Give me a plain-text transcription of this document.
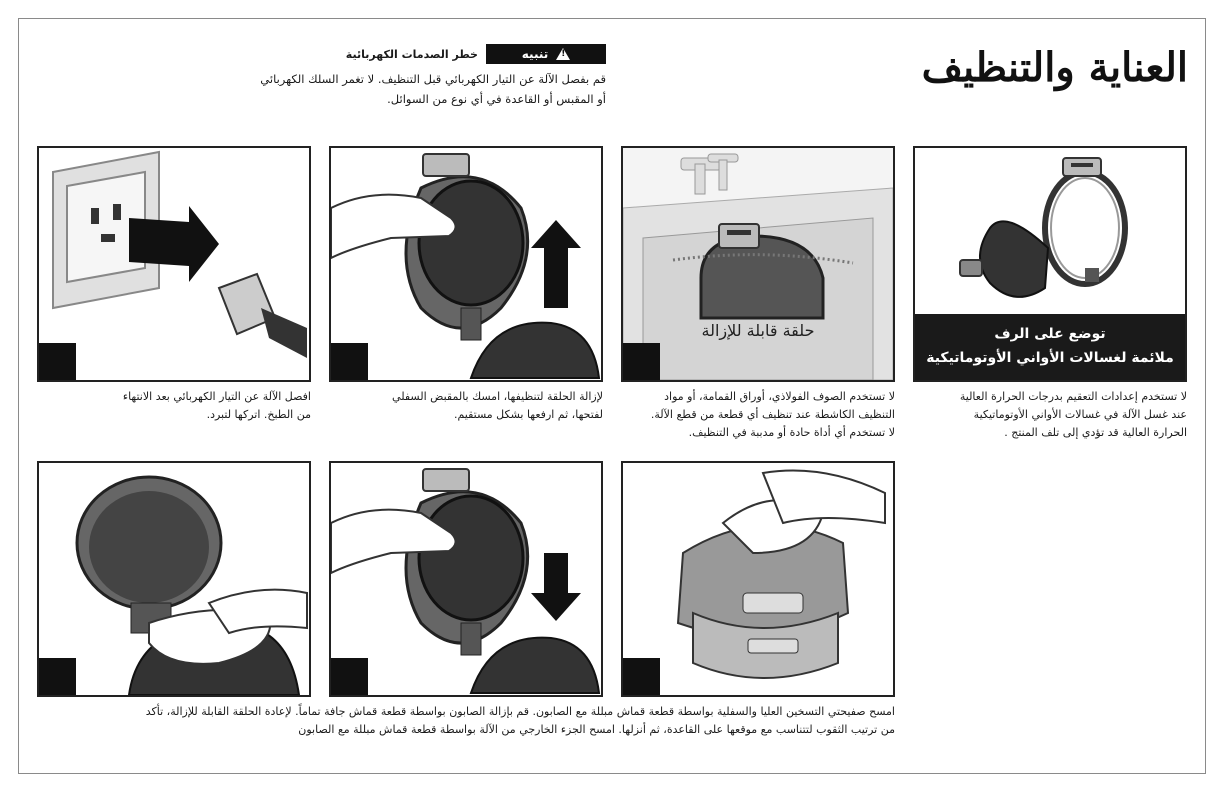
العناية والتنظيف
!
تنبيه
خطر الصدمات الكهربائية
قم بفصل الآلة عن التيار الكهربائي قبل التنظيف. لا تغمر السلك الكهربائي
أو المقبس أو القاعدة في أي نوع من السوائل.
توضع على الرف
ملائمة لغسالات الأواني الأوتوماتيكية
لا تستخدم إعدادات التعقيم بدرجات الحرارة العالية
عند غسل الآلة في غسالات الأواني الأوتوماتيكية
الحرارة العالية قد تؤدي إلى تلف المنتج .
حلقة قابلة للإزالة
لا تستخدم الصوف الفولاذي، أوراق القمامة، أو مواد
التنظيف الكاشطة عند تنظيف أي قطعة من قطع الآلة.
لا تستخدم أي أداة حادة أو مدببة في التنظيف.
لإزالة الحلقة لتنظيفها، امسك بالمقبض السفلي
لفتحها، ثم ارفعها بشكل مستقيم.
افصل الآلة عن التيار الكهربائي بعد الانتهاء
من الطبخ. اتركها لتبرد.
امسح صفيحتي التسخين العليا والسفلية بواسطة قطعة قماش مبللة مع الصابون. قم بإزالة الصابون بواسطة قطعة قماش جافة تماماً. لإعادة الحلقة القابلة للإزالة، تأكد
من ترتيب الثقوب لتتناسب مع موقعها على القاعدة، ثم أنزلها. امسح الجزء الخارجي من الآلة بواسطة قطعة قماش مبللة مع الصابون
